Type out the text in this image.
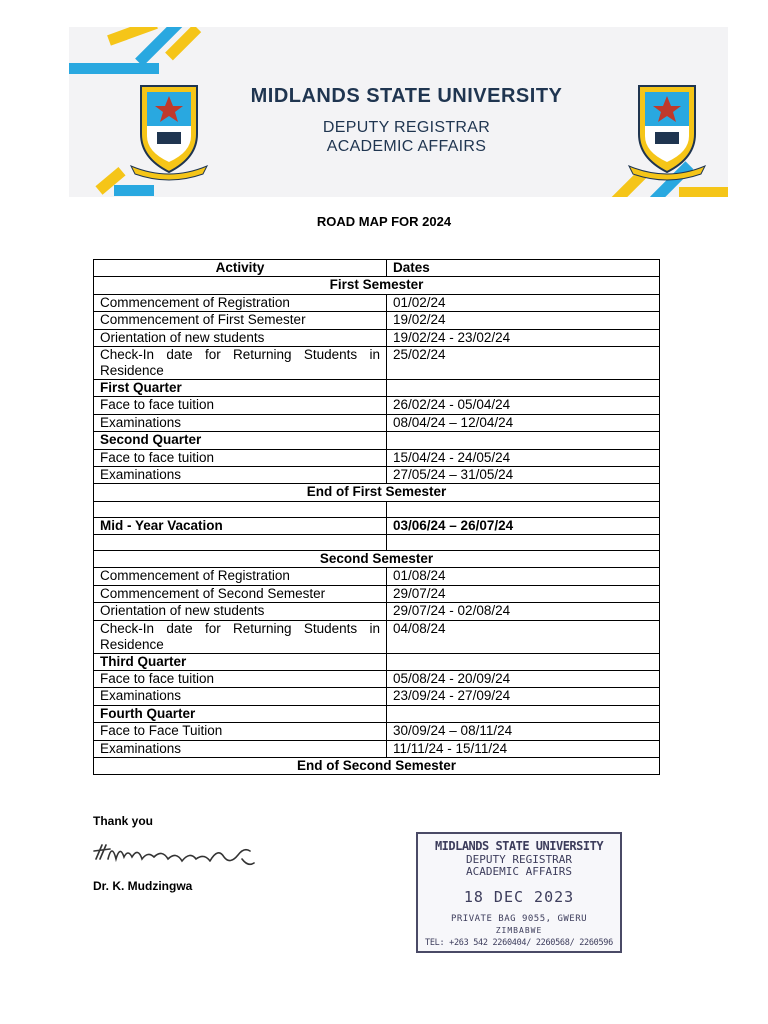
MIDLANDS STATE UNIVERSITY
DEPUTY REGISTRAR
ACADEMIC AFFAIRS
ROAD MAP FOR 2024
Activity	Dates
First Semester	
Commencement of Registration	01/02/24
Commencement of First Semester	19/02/24
Orientation of new students	19/02/24 - 23/02/24
Check-In date for Returning Students in Residence	25/02/24
First Quarter	
Face to face tuition	26/02/24 - 05/04/24
Examinations	08/04/24 – 12/04/24
Second Quarter	
Face to face tuition	15/04/24 - 24/05/24
Examinations	27/05/24 – 31/05/24
End of First Semester	

Mid - Year Vacation	03/06/24 – 26/07/24

Second Semester	
Commencement of Registration	01/08/24
Commencement of Second Semester	29/07/24
Orientation of new students	29/07/24 - 02/08/24
Check-In date for Returning Students in Residence	04/08/24
Third Quarter	
Face to face tuition	05/08/24 - 20/09/24
Examinations	23/09/24 - 27/09/24
Fourth Quarter	
Face to Face Tuition	30/09/24 – 08/11/24
Examinations	11/11/24 - 15/11/24
End of Second Semester	
Thank you
Dr. K. Mudzingwa
MIDLANDS STATE UNIVERSITY
DEPUTY REGISTRAR
ACADEMIC AFFAIRS
18 DEC 2023
PRIVATE BAG 9055, GWERU
ZIMBABWE
TEL: +263 542 2260404/ 2260568/ 2260596
